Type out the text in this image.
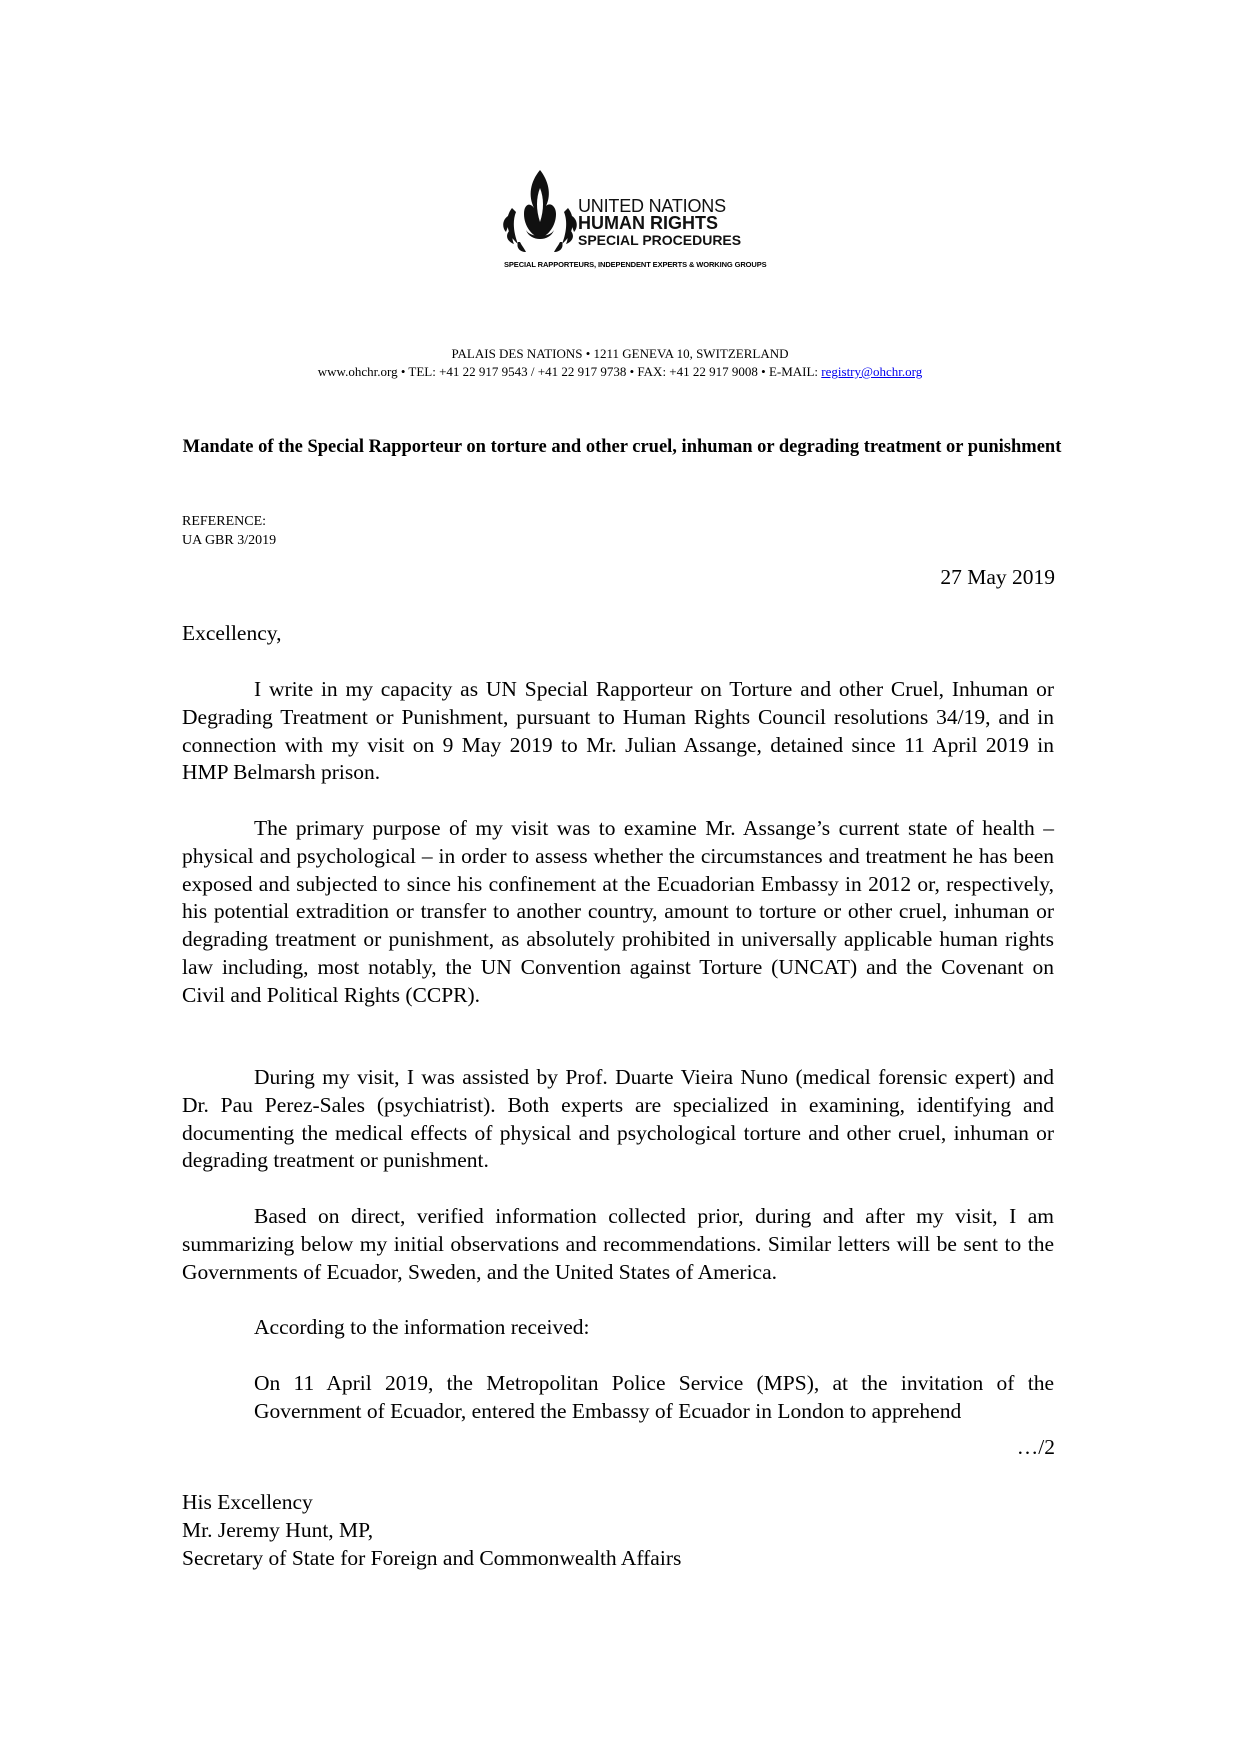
UNITED NATIONS
HUMAN RIGHTS
SPECIAL PROCEDURES
SPECIAL RAPPORTEURS, INDEPENDENT EXPERTS & WORKING GROUPS
PALAIS DES NATIONS • 1211 GENEVA 10, SWITZERLAND
www.ohchr.org • TEL: +41 22 917 9543 / +41 22 917 9738 • FAX: +41 22 917 9008 • E-MAIL: registry@ohchr.org
Mandate of the Special Rapporteur on torture and other cruel, inhuman or degrading treatment or punishment
REFERENCE:
UA GBR 3/2019
27 May 2019
Excellency,
I write in my capacity as UN Special Rapporteur on Torture and other Cruel, Inhuman or Degrading Treatment or Punishment, pursuant to Human Rights Council resolutions 34/19, and in connection with my visit on 9 May 2019 to Mr. Julian Assange, detained since 11 April 2019 in HMP Belmarsh prison.
The primary purpose of my visit was to examine Mr. Assange’s current state of health – physical and psychological – in order to assess whether the circumstances and treatment he has been exposed and subjected to since his confinement at the Ecuadorian Embassy in 2012 or, respectively, his potential extradition or transfer to another country, amount to torture or other cruel, inhuman or degrading treatment or punishment, as absolutely prohibited in universally applicable human rights law including, most notably, the UN Convention against Torture (UNCAT) and the Covenant on Civil and Political Rights (CCPR).
During my visit, I was assisted by Prof. Duarte Vieira Nuno (medical forensic expert) and Dr. Pau Perez-Sales (psychiatrist). Both experts are specialized in examining, identifying and documenting the medical effects of physical and psychological torture and other cruel, inhuman or degrading treatment or punishment.
Based on direct, verified information collected prior, during and after my visit, I am summarizing below my initial observations and recommendations. Similar letters will be sent to the Governments of Ecuador, Sweden, and the United States of America.
According to the information received:
On 11 April 2019, the Metropolitan Police Service (MPS), at the invitation of the Government of Ecuador, entered the Embassy of Ecuador in London to apprehend
…/2
His Excellency
Mr. Jeremy Hunt, MP,
Secretary of State for Foreign and Commonwealth Affairs
